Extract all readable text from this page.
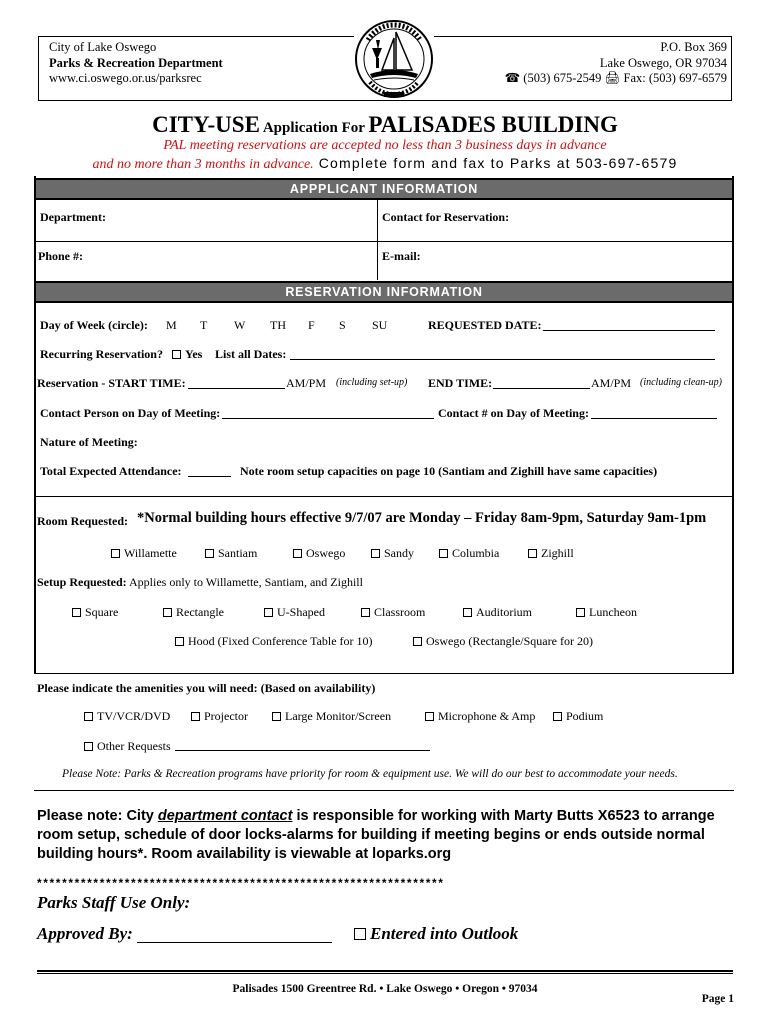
City of Lake Oswego
Parks & Recreation Department
www.ci.oswego.or.us/parksrec
P.O. Box 369
Lake Oswego, OR 97034
☎ (503) 675-2549 🖨 Fax: (503) 697-6579
CITY-USE Application For PALISADES BUILDING
PAL meeting reservations are accepted no less than 3 business days in advance
and no more than 3 months in advance. Complete form and fax to Parks at 503-697-6579
APPPLICANT INFORMATION
Department:	Contact for Reservation:
Phone #:	E-mail:
RESERVATION INFORMATION
Day of Week (circle): M T W TH F S SU	REQUESTED DATE:
Recurring Reservation?	Yes List all Dates:
Reservation - START TIME:	AM/PM (including set-up) END TIME:	AM/PM (including clean-up)
Contact Person on Day of Meeting:	Contact # on Day of Meeting:
Nature of Meeting:
Total Expected Attendance:	Note room setup capacities on page 10 (Santiam and Zighill have same capacities)
Room Requested: *Normal building hours effective 9/7/07 are Monday – Friday 8am-9pm, Saturday 9am-1pm
Willamette	Santiam	Oswego	Sandy	Columbia	Zighill
Setup Requested: Applies only to Willamette, Santiam, and Zighill
Square	Rectangle	U-Shaped	Classroom	Auditorium	Luncheon
Hood (Fixed Conference Table for 10)	Oswego (Rectangle/Square for 20)
Please indicate the amenities you will need: (Based on availability)
TV/VCR/DVD	Projector	Large Monitor/Screen	Microphone & Amp	Podium
Other Requests
Please Note: Parks & Recreation programs have priority for room & equipment use. We will do our best to accommodate your needs.
Please note: City department contact is responsible for working with Marty Butts X6523 to arrange room setup, schedule of door locks-alarms for building if meeting begins or ends outside normal building hours*. Room availability is viewable at loparks.org
*****************************************************************
Parks Staff Use Only:
Approved By:	Entered into Outlook
Palisades 1500 Greentree Rd. • Lake Oswego • Oregon • 97034
Page 1
